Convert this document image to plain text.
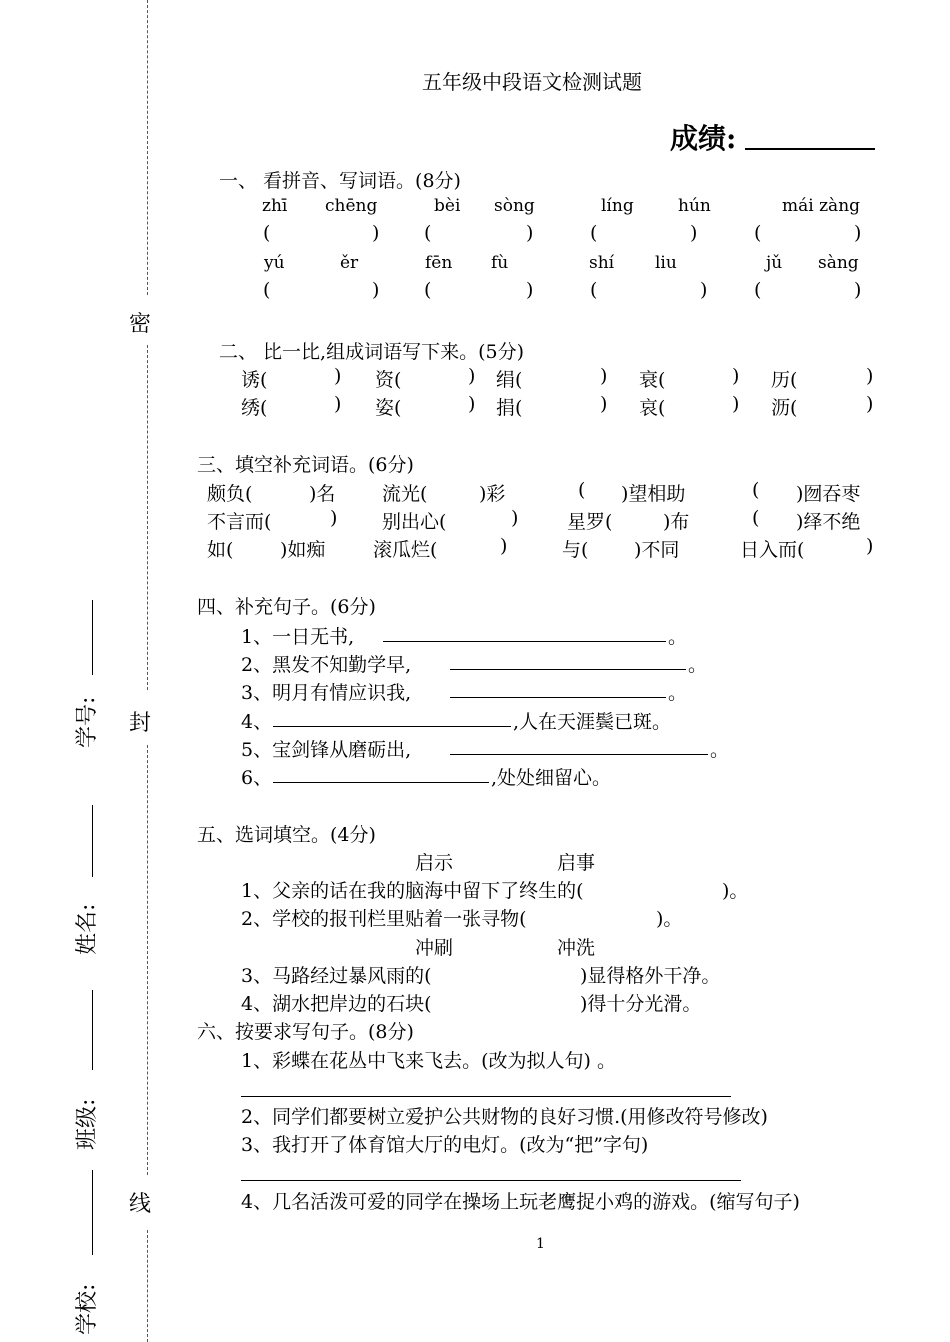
密
封
线
学号:
姓名:
班级:
学校:
五年级中段语文检测试题
成绩:
一、 看拼音、写词语。(8分)
zhī chēng	bèi sòng	líng	hún	mái zàng
(	) (	)	(	)	(	)
yú	ěr	fēn fù	shí liu	jǔ sàng
(	) (	)	(	) (	)
二、 比一比,组成词语写下来。(5分)
诱(	) 资(	) 绢(	) 衰(	) 历(	)
绣(	) 姿(	) 捐(	) 哀(	) 沥(	)
三、填空补充词语。(6分)
颇负(	)名 流光(	)彩	( )望相助	( )囫吞枣
不言而(	) 别出心(	)	星罗(	)布	( )绎不绝
如( )如痴	滚瓜烂(	)	与( )不同	日入而(	)
四、补充句子。(6分)
1、一日无书,	。
2、黑发不知勤学早,	。
3、明月有情应识我,	。
4、	,人在天涯鬓已斑。
5、宝剑锋从磨砺出,	。
6、	,处处细留心。
五、选词填空。(4分)
启示	启事
1、父亲的话在我的脑海中留下了终生的(	)。
2、学校的报刊栏里贴着一张寻物(	)。
冲刷	冲洗
3、马路经过暴风雨的(	)显得格外干净。
4、湖水把岸边的石块(	)得十分光滑。
六、按要求写句子。(8分)
1、彩蝶在花丛中飞来飞去。(改为拟人句) 。
2、同学们都要树立爱护公共财物的良好习惯.(用修改符号修改)
3、我打开了体育馆大厅的电灯。(改为“把”字句)
4、几名活泼可爱的同学在操场上玩老鹰捉小鸡的游戏。(缩写句子)
1
